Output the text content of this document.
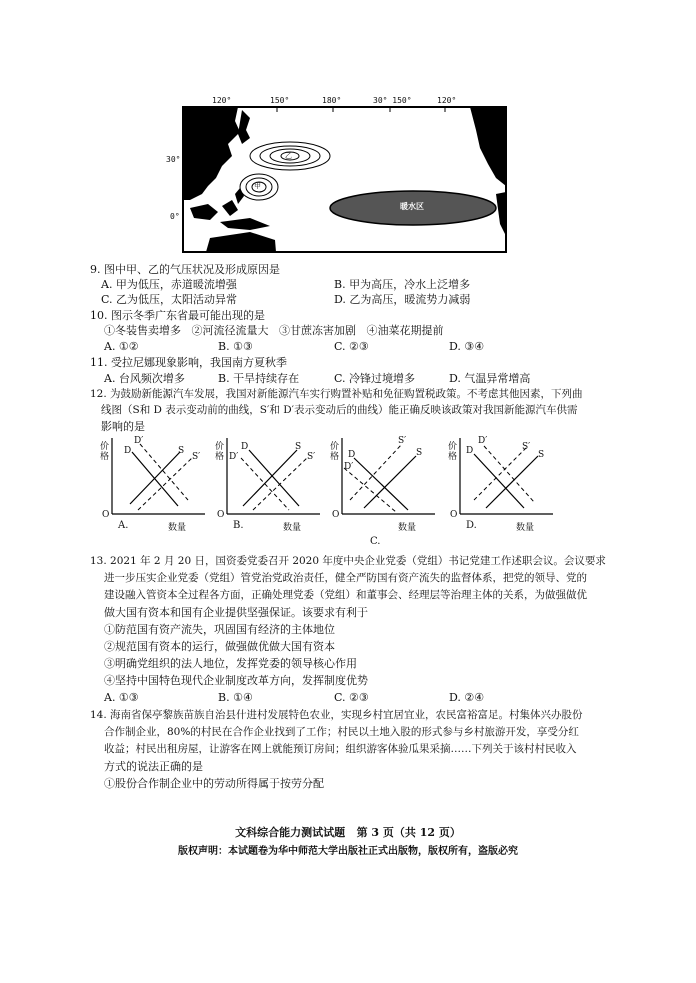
甲
乙
暖水区
120°	150°	180°	30° 150°	120°
30°
0°
9. 图中甲、乙的气压状况及形成原因是
A. 甲为低压，赤道暖流增强	B. 甲为高压，冷水上泛增多
C. 乙为低压，太阳活动异常	D. 乙为高压，暖流势力减弱
10. 图示冬季广东省最可能出现的是
①冬装售卖增多   ②河流径流量大   ③甘蔗冻害加剧   ④油菜花期提前
A. ①②	B. ①③	C. ②③	D. ③④
11. 受拉尼娜现象影响，我国南方夏秋季
A. 台风频次增多	B. 干旱持续存在	C. 冷锋过境增多	D. 气温异常增高
12. 为鼓励新能源汽车发展，我国对新能源汽车实行购置补贴和免征购置税政策。不考虑其他因素，下列曲
线图（S和 D 表示变动前的曲线，S′和 D′表示变动后的曲线）能正确反映该政策对我国新能源汽车供需
影响的是
价格
O
数量
D′
D	S
S′
A.
价格
O
数量
D
D′
S
S′
B.
价格
O
数量
S′
S
D
D′
C.
价格
O
数量
D′
D	S′
S
D.
13. 2021 年 2 月 20 日，国资委党委召开 2020 年度中央企业党委（党组）书记党建工作述职会议。会议要求
进一步压实企业党委（党组）管党治党政治责任，健全严防国有资产流失的监督体系，把党的领导、党的
建设融入管资本全过程各方面，正确处理党委（党组）和董事会、经理层等治理主体的关系，为做强做优
做大国有资本和国有企业提供坚强保证。该要求有利于
①防范国有资产流失，巩固国有经济的主体地位
②规范国有资本的运行，做强做优做大国有资本
③明确党组织的法人地位，发挥党委的领导核心作用
④坚持中国特色现代企业制度改革方向，发挥制度优势
A. ①③	B. ①④	C. ②③	D. ②④
14. 海南省保亭黎族苗族自治县什进村发展特色农业，实现乡村宜居宜业，农民富裕富足。村集体兴办股份
合作制企业，80%的村民在合作企业找到了工作；村民以土地入股的形式参与乡村旅游开发，享受分红
收益；村民出租房屋，让游客在网上就能预订房间；组织游客体验瓜果采摘……下列关于该村村民收入
方式的说法正确的是
①股份合作制企业中的劳动所得属于按劳分配
文科综合能力测试试题   第 3 页（共 12 页）
版权声明：本试题卷为华中师范大学出版社正式出版物，版权所有，盗版必究
